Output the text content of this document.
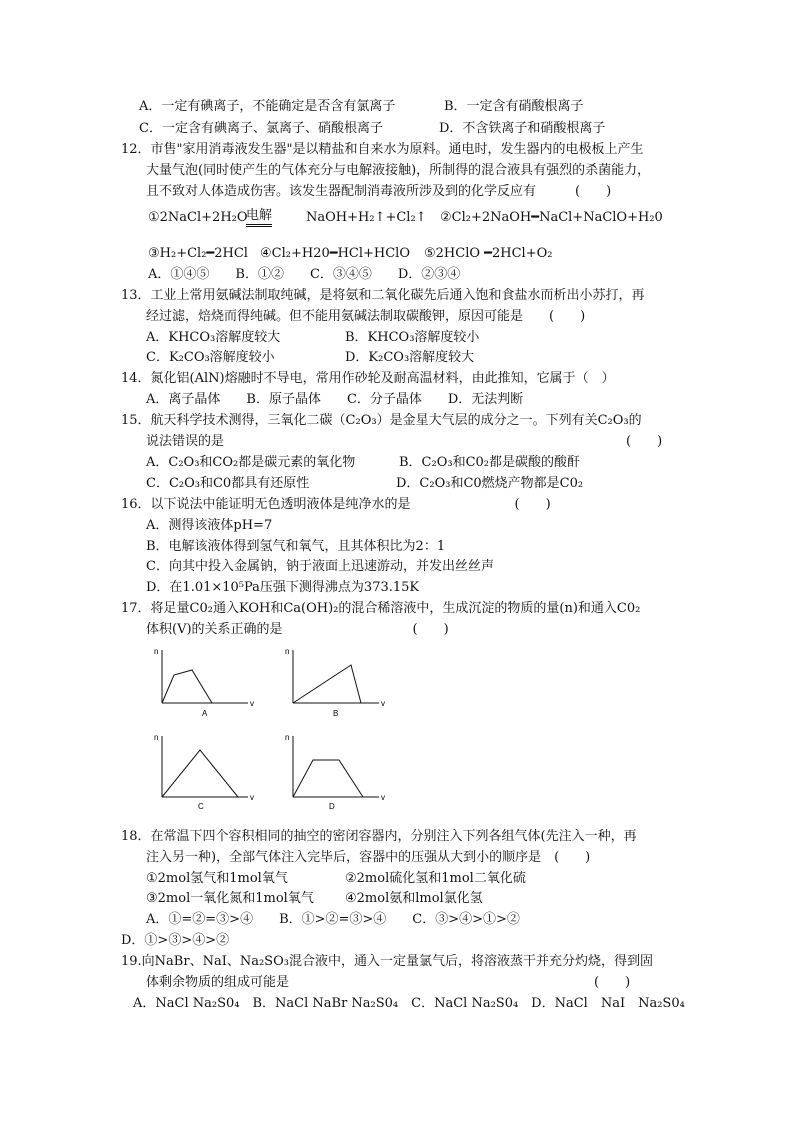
A．一定有碘离子，不能确定是否含有氯离子	B．一定含有硝酸根离子
C．一定含有碘离子、氯离子、硝酸根离子	D．不含铁离子和硝酸根离子
12．市售"家用消毒液发生器"是以精盐和自来水为原料。通电时，发生器内的电极板上产生
大量气泡(同时使产生的气体充分与电解液接触)，所制得的混合液具有强烈的杀菌能力，
且不致对人体造成伤害。该发生器配制消毒液所涉及到的化学反应有　　　(　　)
①2NaCl+2H₂O
电解	NaOH+H₂↑+Cl₂↑ ②Cl₂+2NaOH━NaCl+NaClO+H₂0
③H₂+Cl₂━2HCl ④Cl₂+H20━HCl+HClO ⑤2HClO ━2HCl+O₂
A．①④⑤　　B．①②　　C．③④⑤　　D．②③④
13．工业上常用氨碱法制取纯碱，是将氨和二氧化碳先后通入饱和食盐水而析出小苏打，再
经过滤，焙烧而得纯碱。但不能用氨碱法制取碳酸钾，原因可能是　　(　　)
A．KHCO₃溶解度较大	B．KHCO₃溶解度较小
C．K₂CO₃溶解度较小	D．K₂CO₃溶解度较大
14．氮化铝(AlN)熔融时不导电，常用作砂轮及耐高温材料，由此推知，它属于（　）
A．离子晶体　　B．原子晶体　　C．分子晶体　　D．无法判断
15．航天科学技术测得，三氧化二碳（C₂O₃）是金星大气层的成分之一。下列有关C₂O₃的
说法错误的是	(　　)
A．C₂O₃和CO₂都是碳元素的氧化物	B．C₂O₃和C0₂都是碳酸的酸酐
C．C₂O₃和C0都具有还原性	D．C₂O₃和C0燃烧产物都是C0₂
16．以下说法中能证明无色透明液体是纯净水的是　　　　　　　　(　　)
A．测得该液体pH=7
B．电解该液体得到氢气和氧气，且其体积比为2：1
C．向其中投入金属钠，钠于液面上迅速游动，并发出丝丝声
D．在1.01×10⁵Pa压强下测得沸点为373.15K
17．将足量C0₂通入KOH和Ca(OH)₂的混合稀溶液中，生成沉淀的物质的量(n)和通入C0₂
体积(V)的关系正确的是　　　　　　　　　　(　　)
n
v
A
n
v
B
n
v
C
n
v
D
18．在常温下四个容积相同的抽空的密闭容器内，分别注入下列各组气体(先注入一种，再
注入另一种)，全部气体注入完毕后，容器中的压强从大到小的顺序是　(　　)
①2mol氢气和1mol氧气	②2mol硫化氢和1mol二氧化硫
③2mol一氧化氮和1mol氧气 ④2mol氨和lmol氯化氢
A．①=②=③>④　　B．①>②=③>④　　C．③>④>①>②
D．①>③>④>②
19.向NaBr、NaI、Na₂SO₃混合液中，通入一定量氯气后，将溶液蒸干并充分灼烧，得到固
体剩余物质的组成可能是	(　　)
A．NaCl Na₂S0₄　B．NaCl NaBr Na₂S0₄　C．NaCl Na₂S0₄　D．NaCl　NaI　Na₂S0₄
